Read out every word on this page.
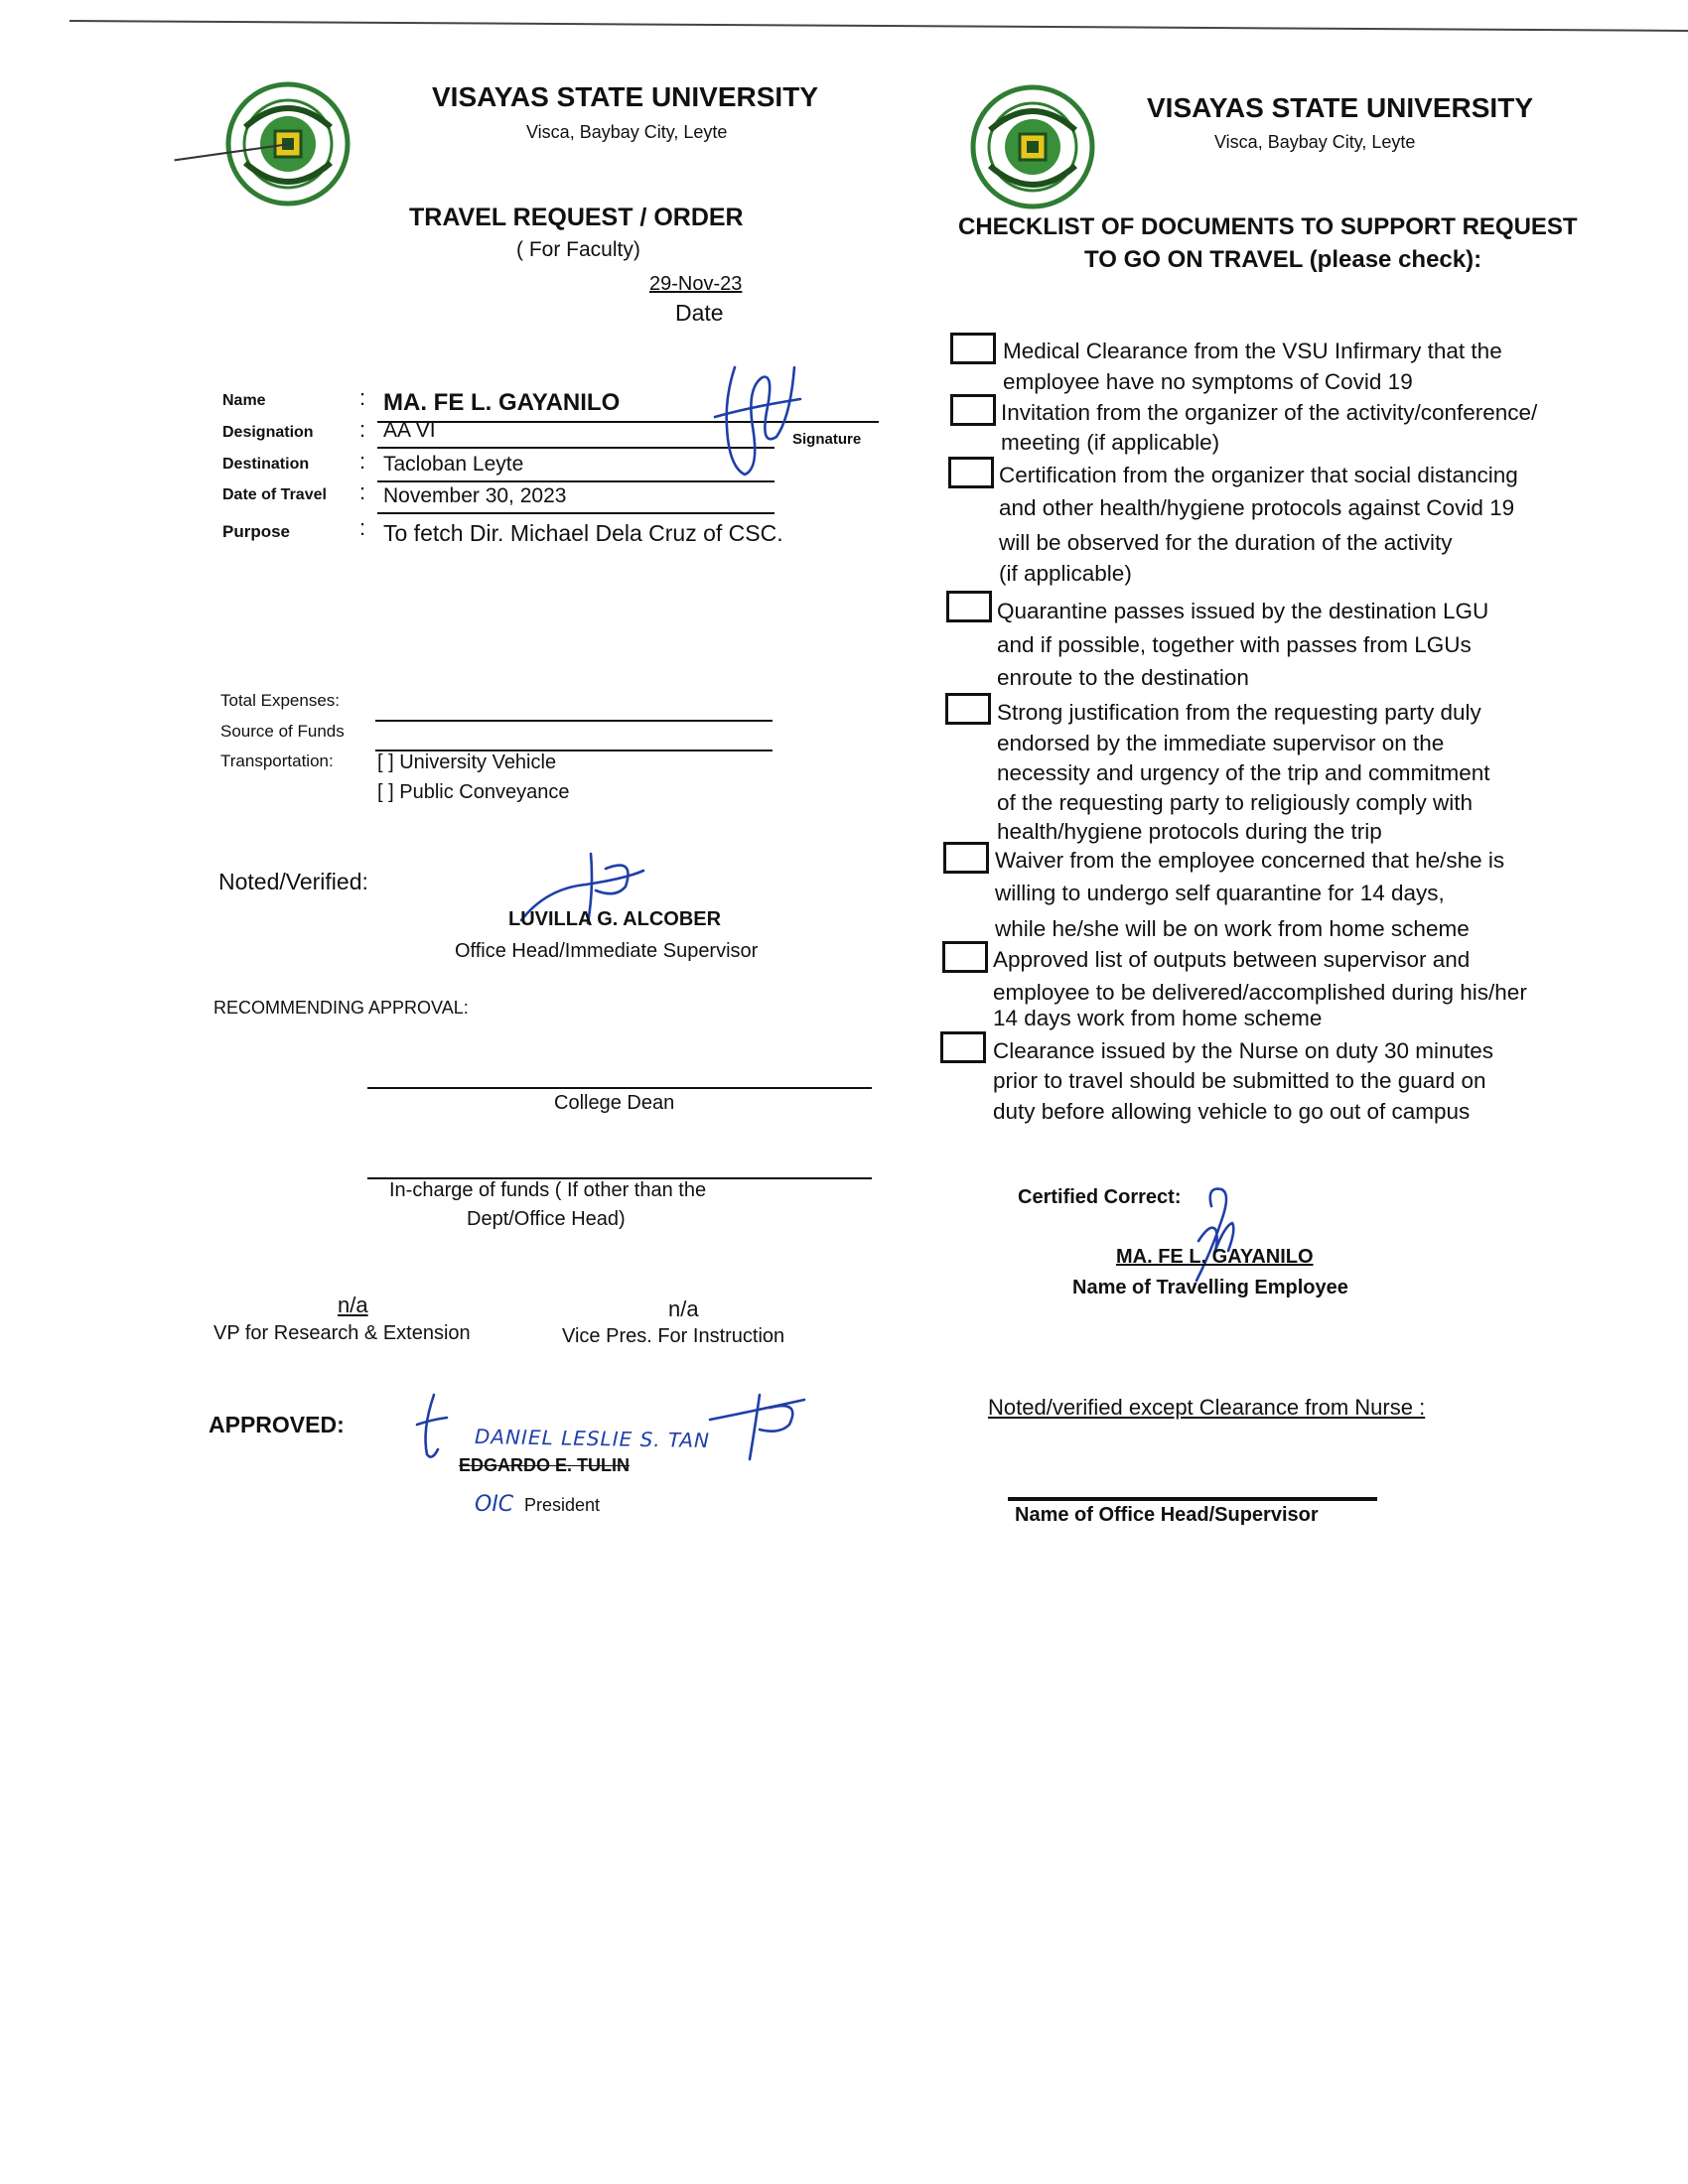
VISAYAS STATE UNIVERSITY
Visca, Baybay City, Leyte
TRAVEL REQUEST / ORDER
( For Faculty)
29-Nov-23
Date
Name	: MA. FE L. GAYANILO
Signature
Designation : AA VI
Destination : Tacloban Leyte
Date of Travel : November 30, 2023
Purpose	: To fetch Dir. Michael Dela Cruz of CSC.
Total Expenses:
Source of Funds
Transportation: [ ] University Vehicle
[ ] Public Conveyance
Noted/Verified:
LUVILLA G. ALCOBER
Office Head/Immediate Supervisor
RECOMMENDING APPROVAL:
College Dean
In-charge of funds ( If other than the
Dept/Office Head)
n/a
VP for Research & Extension
n/a
Vice Pres. For Instruction
APPROVED:	DANIEL LESLIE S. TAN
EDGARDO E. TULIN
OIC President
VISAYAS STATE UNIVERSITY
Visca, Baybay City, Leyte
CHECKLIST OF DOCUMENTS TO SUPPORT REQUEST
TO GO ON TRAVEL (please check):
Medical Clearance from the VSU Infirmary that the
employee have no symptoms of Covid 19
Invitation from the organizer of the activity/conference/
meeting (if applicable)
Certification from the organizer that social distancing
and other health/hygiene protocols against Covid 19
will be observed for the duration of the activity
(if applicable)
Quarantine passes issued by the destination LGU
and if possible, together with passes from LGUs
enroute to the destination
Strong justification from the requesting party duly
endorsed by the immediate supervisor on the
necessity and urgency of the trip and commitment
of the requesting party to religiously comply with
health/hygiene protocols during the trip
Waiver from the employee concerned that he/she is
willing to undergo self quarantine for 14 days,
while he/she will be on work from home scheme
Approved list of outputs between supervisor and
employee to be delivered/accomplished during his/her
14 days work from home scheme
Clearance issued by the Nurse on duty 30 minutes
prior to travel should be submitted to the guard on
duty before allowing vehicle to go out of campus
Certified Correct:
MA. FE L. GAYANILO
Name of Travelling Employee
Noted/verified except Clearance from Nurse :
Name of Office Head/Supervisor
